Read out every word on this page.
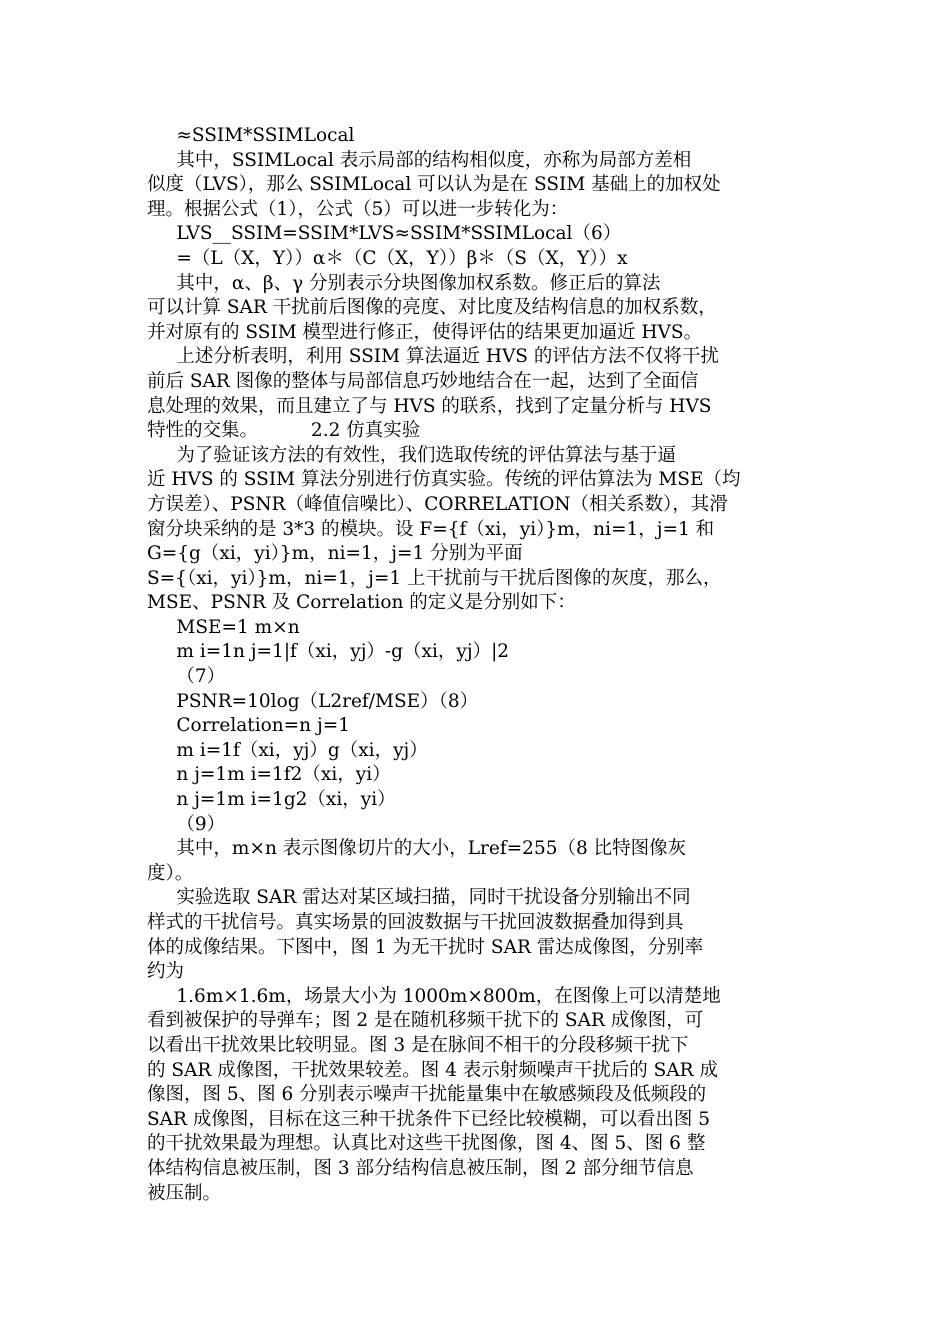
≈SSIM*SSIMLocal
其中，SSIMLocal 表示局部的结构相似度，亦称为局部方差相
似度（LVS），那么 SSIMLocal 可以认为是在 SSIM 基础上的加权处
理。根据公式（1），公式（5）可以进一步转化为：
LVS__SSIM=SSIM*LVS≈SSIM*SSIMLocal（6）
=（L（X，Y））α＊（C（X，Y））β＊（S（X，Y））x
其中，α、β、γ 分别表示分块图像加权系数。修正后的算法
可以计算 SAR 干扰前后图像的亮度、对比度及结构信息的加权系数，
并对原有的 SSIM 模型进行修正，使得评估的结果更加逼近 HVS。
上述分析表明，利用 SSIM 算法逼近 HVS 的评估方法不仅将干扰
前后 SAR 图像的整体与局部信息巧妙地结合在一起，达到了全面信
息处理的效果，而且建立了与 HVS 的联系，找到了定量分析与 HVS
特性的交集。         2.2 仿真实验
为了验证该方法的有效性，我们选取传统的评估算法与基于逼
近 HVS 的 SSIM 算法分别进行仿真实验。传统的评估算法为 MSE（均
方误差）、PSNR（峰值信噪比）、CORRELATION（相关系数），其滑
窗分块采纳的是 3*3 的模块。设 F={f（xi，yi）}m，ni=1，j=1 和
G={g（xi，yi）}m，ni=1，j=1 分别为平面
S={（xi，yi）}m，ni=1，j=1 上干扰前与干扰后图像的灰度，那么，
MSE、PSNR 及 Correlation 的定义是分别如下：
MSE=1 m×n
m i=1n j=1|f（xi，yj）-g（xi，yj）|2
（7）
PSNR=10log（L2ref/MSE）（8）
Correlation=n j=1
m i=1f（xi，yj）g（xi，yj）
n j=1m i=1f2（xi，yi）
n j=1m i=1g2（xi，yi）
（9）
其中，m×n 表示图像切片的大小，Lref=255（8 比特图像灰
度）。
实验选取 SAR 雷达对某区域扫描，同时干扰设备分别输出不同
样式的干扰信号。真实场景的回波数据与干扰回波数据叠加得到具
体的成像结果。下图中，图 1 为无干扰时 SAR 雷达成像图，分别率
约为
1.6m×1.6m，场景大小为 1000m×800m，在图像上可以清楚地
看到被保护的导弹车；图 2 是在随机移频干扰下的 SAR 成像图，可
以看出干扰效果比较明显。图 3 是在脉间不相干的分段移频干扰下
的 SAR 成像图，干扰效果较差。图 4 表示射频噪声干扰后的 SAR 成
像图，图 5、图 6 分别表示噪声干扰能量集中在敏感频段及低频段的
SAR 成像图，目标在这三种干扰条件下已经比较模糊，可以看出图 5
的干扰效果最为理想。认真比对这些干扰图像，图 4、图 5、图 6 整
体结构信息被压制，图 3 部分结构信息被压制，图 2 部分细节信息
被压制。
